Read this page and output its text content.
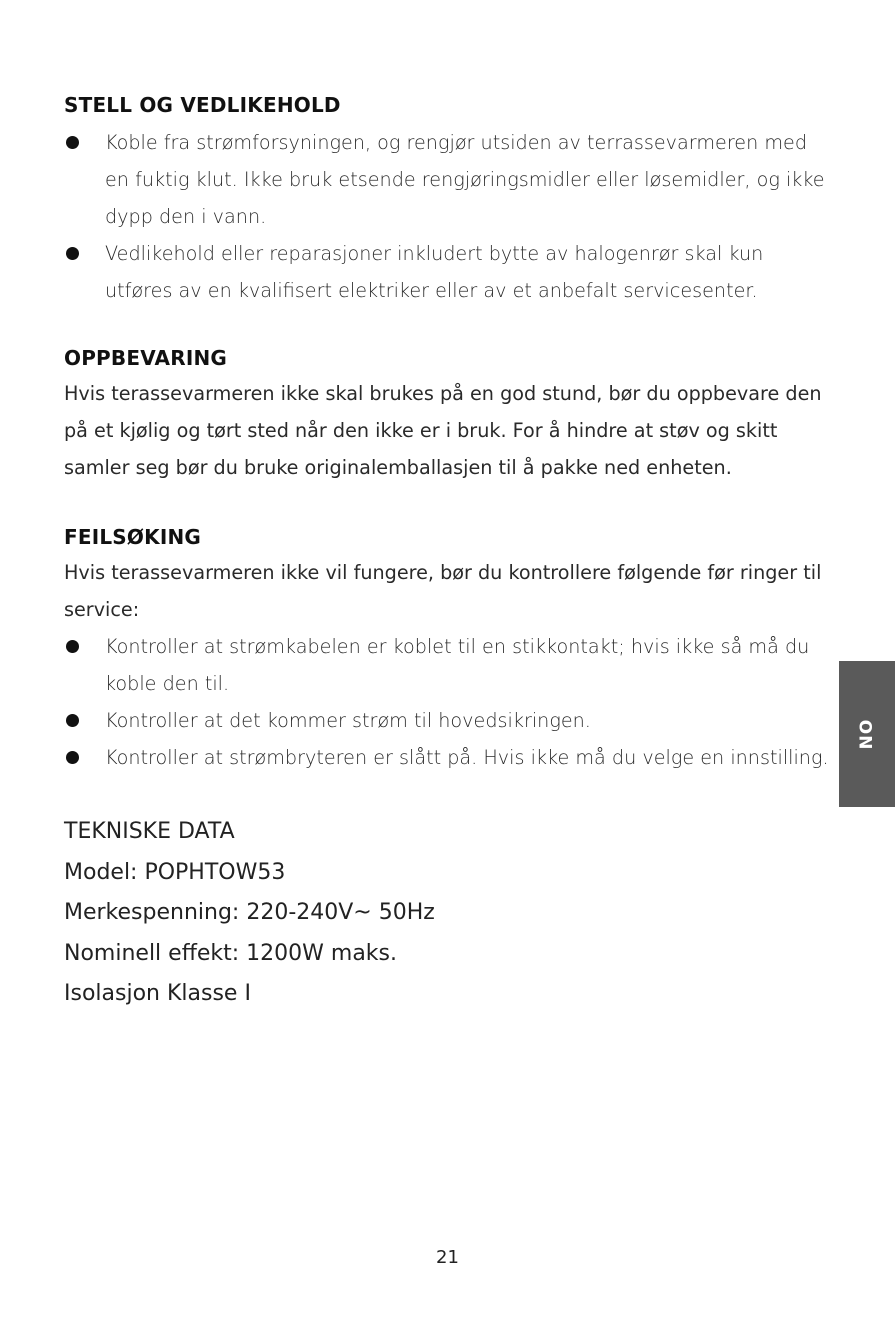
STELL OG VEDLIKEHOLD
Koble fra strømforsyningen, og rengjør utsiden av terrassevarmeren med en fuktig klut. Ikke bruk etsende rengjøringsmidler eller løsemidler, og ikke dypp den i vann.
Vedlikehold eller reparasjoner inkludert bytte av halogenrør skal kun utføres av en kvalifisert elektriker eller av et anbefalt servicesenter.
OPPBEVARING

Hvis terassevarmeren ikke skal brukes på en god stund, bør du oppbevare den på et kjølig og tørt sted når den ikke er i bruk. For å hindre at støv og skitt samler seg bør du bruke originalemballasjen til å pakke ned enheten.

FEILSØKING

Hvis terassevarmeren ikke vil fungere, bør du kontrollere følgende før ringer til service:

Kontroller at strømkabelen er koblet til en stikkontakt; hvis ikke så må du koble den til.
Kontroller at det kommer strøm til hovedsikringen.
Kontroller at strømbryteren er slått på. Hvis ikke må du velge en innstilling.
TEKNISKE DATA
Model: POPHTOW53
Merkespenning: 220-240V~ 50Hz
Nominell effekt: 1200W maks.
Isolasjon Klasse I
NO
21
